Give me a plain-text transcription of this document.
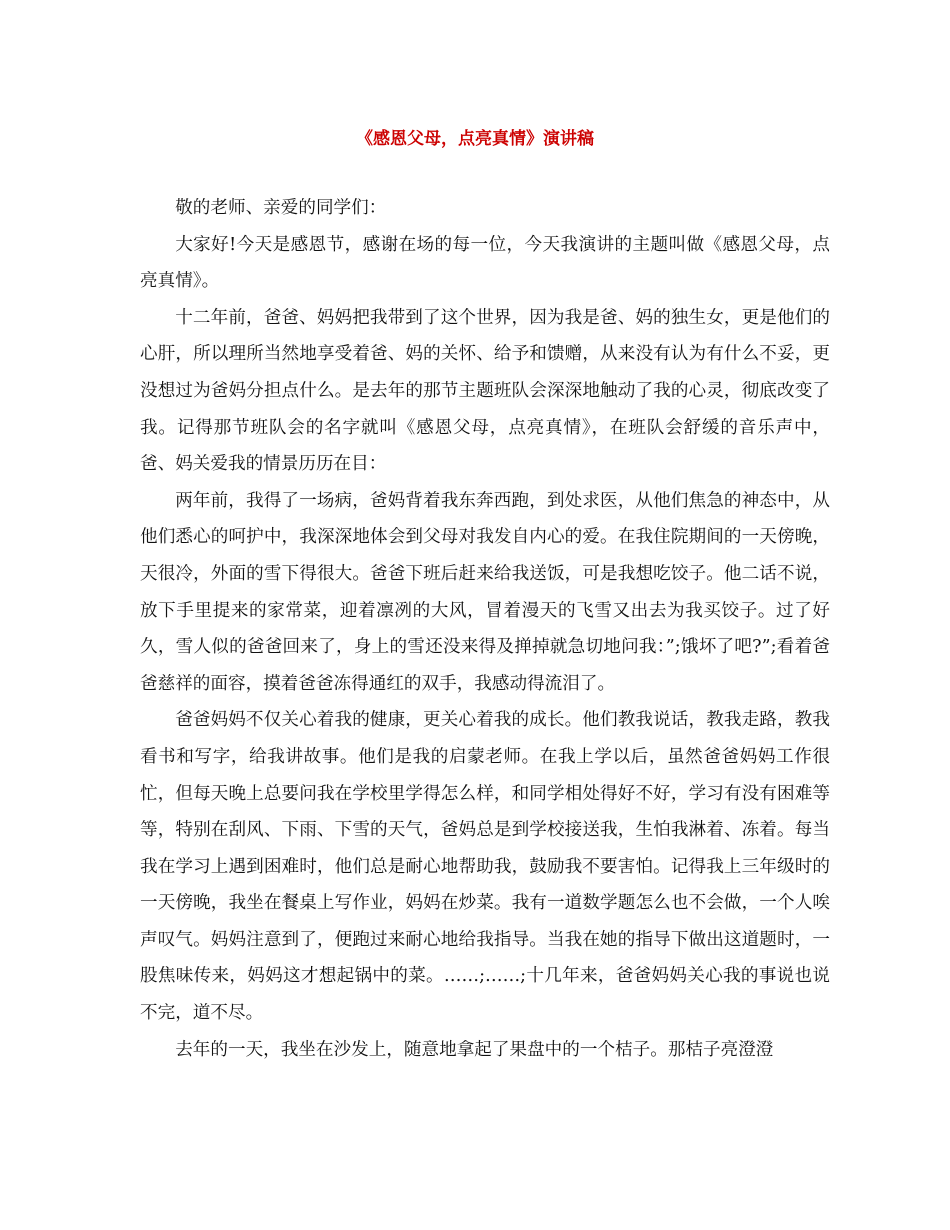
《感恩父母，点亮真情》演讲稿

敬的老师、亲爱的同学们：

大家好!今天是感恩节，感谢在场的每一位，今天我演讲的主题叫做《感恩父母，点亮真情》。

十二年前，爸爸、妈妈把我带到了这个世界，因为我是爸、妈的独生女，更是他们的心肝，所以理所当然地享受着爸、妈的关怀、给予和馈赠，从来没有认为有什么不妥，更没想过为爸妈分担点什么。是去年的那节主题班队会深深地触动了我的心灵，彻底改变了我。记得那节班队会的名字就叫《感恩父母，点亮真情》，在班队会舒缓的音乐声中，爸、妈关爱我的情景历历在目：

两年前，我得了一场病，爸妈背着我东奔西跑，到处求医，从他们焦急的神态中，从他们悉心的呵护中，我深深地体会到父母对我发自内心的爱。在我住院期间的一天傍晚，天很冷，外面的雪下得很大。爸爸下班后赶来给我送饭，可是我想吃饺子。他二话不说，放下手里提来的家常菜，迎着凛冽的大风，冒着漫天的飞雪又出去为我买饺子。过了好久，雪人似的爸爸回来了，身上的雪还没来得及掸掉就急切地问我：”;饿坏了吧?”;看着爸爸慈祥的面容，摸着爸爸冻得通红的双手，我感动得流泪了。

爸爸妈妈不仅关心着我的健康，更关心着我的成长。他们教我说话，教我走路，教我看书和写字，给我讲故事。他们是我的启蒙老师。在我上学以后，虽然爸爸妈妈工作很忙，但每天晚上总要问我在学校里学得怎么样，和同学相处得好不好，学习有没有困难等等，特别在刮风、下雨、下雪的天气，爸妈总是到学校接送我，生怕我淋着、冻着。每当我在学习上遇到困难时，他们总是耐心地帮助我，鼓励我不要害怕。记得我上三年级时的一天傍晚，我坐在餐桌上写作业，妈妈在炒菜。我有一道数学题怎么也不会做，一个人唉声叹气。妈妈注意到了，便跑过来耐心地给我指导。当我在她的指导下做出这道题时，一股焦味传来，妈妈这才想起锅中的菜。……;……;十几年来，爸爸妈妈关心我的事说也说不完，道不尽。

去年的一天，我坐在沙发上，随意地拿起了果盘中的一个桔子。那桔子亮澄澄
